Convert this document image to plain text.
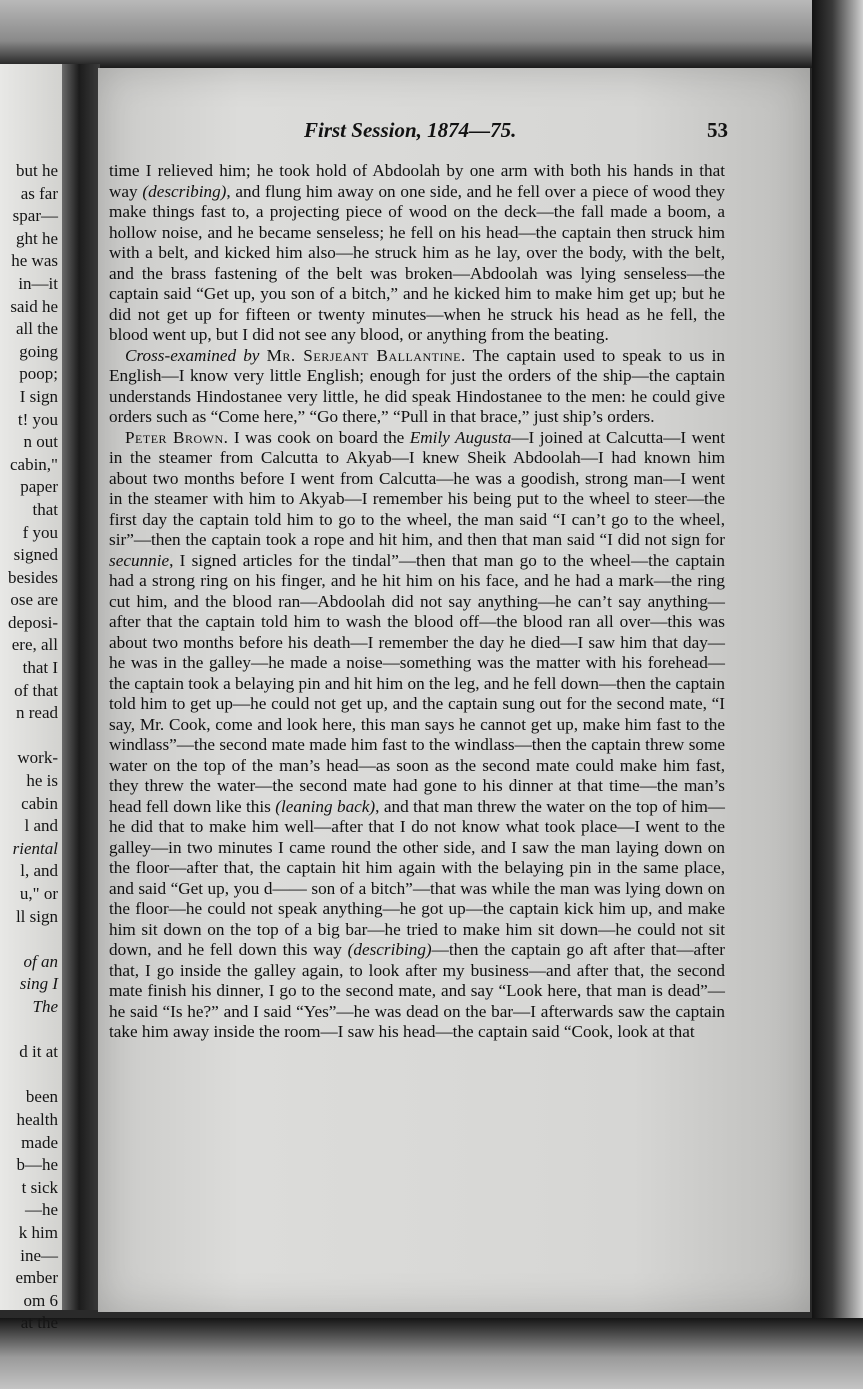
but he
as far
spar—
ght he
he was
in—it
said he
all the
going
poop;
I sign
t! you
n out
cabin,"
paper
that
f you
signed
besides
ose are
deposi-
ere, all
that I
of that
n read

work-
he is
cabin
l and
riental
l, and
u," or
ll sign

of an
sing I
The

d it at

been
health
made
b—he
t sick
—he
k him
ine—
ember
om 6
at the
First Session, 1874—75.	53

time I relieved him; he took hold of Abdoolah by one arm with both his hands in that way (describing), and flung him away on one side, and he fell over a piece of wood they make things fast to, a projecting piece of wood on the deck—the fall made a boom, a hollow noise, and he became senseless; he fell on his head—the captain then struck him with a belt, and kicked him also—he struck him as he lay, over the body, with the belt, and the brass fastening of the belt was broken—Abdoolah was lying senseless—the captain said “Get up, you son of a bitch,” and he kicked him to make him get up; but he did not get up for fifteen or twenty minutes—when he struck his head as he fell, the blood went up, but I did not see any blood, or anything from the beating.

Cross-examined by Mr. Serjeant Ballantine. The captain used to speak to us in English—I know very little English; enough for just the orders of the ship—the captain understands Hindostanee very little, he did speak Hindostanee to the men: he could give orders such as “Come here,” “Go there,” “Pull in that brace,” just ship’s orders.

Peter Brown. I was cook on board the Emily Augusta—I joined at Calcutta—I went in the steamer from Calcutta to Akyab—I knew Sheik Abdoolah—I had known him about two months before I went from Calcutta—he was a goodish, strong man—I went in the steamer with him to Akyab—I remember his being put to the wheel to steer—the first day the captain told him to go to the wheel, the man said “I can’t go to the wheel, sir”—then the captain took a rope and hit him, and then that man said “I did not sign for secunnie, I signed articles for the tindal”—then that man go to the wheel—the captain had a strong ring on his finger, and he hit him on his face, and he had a mark—the ring cut him, and the blood ran—Abdoolah did not say anything—he can’t say anything—after that the captain told him to wash the blood off—the blood ran all over—this was about two months before his death—I remember the day he died—I saw him that day—he was in the galley—he made a noise—something was the matter with his forehead—the captain took a belaying pin and hit him on the leg, and he fell down—then the captain told him to get up—he could not get up, and the captain sung out for the second mate, “I say, Mr. Cook, come and look here, this man says he cannot get up, make him fast to the windlass”—the second mate made him fast to the windlass—then the captain threw some water on the top of the man’s head—as soon as the second mate could make him fast, they threw the water—the second mate had gone to his dinner at that time—the man’s head fell down like this (leaning back), and that man threw the water on the top of him—he did that to make him well—after that I do not know what took place—I went to the galley—in two minutes I came round the other side, and I saw the man laying down on the floor—after that, the captain hit him again with the belaying pin in the same place, and said “Get up, you d—— son of a bitch”—that was while the man was lying down on the floor—he could not speak anything—he got up—the captain kick him up, and make him sit down on the top of a big bar—he tried to make him sit down—he could not sit down, and he fell down this way (describing)—then the captain go aft after that—after that, I go inside the galley again, to look after my business—and after that, the second mate finish his dinner, I go to the second mate, and say “Look here, that man is dead”—he said “Is he?” and I said “Yes”—he was dead on the bar—I afterwards saw the captain take him away inside the room—I saw his head—the captain said “Cook, look at that
